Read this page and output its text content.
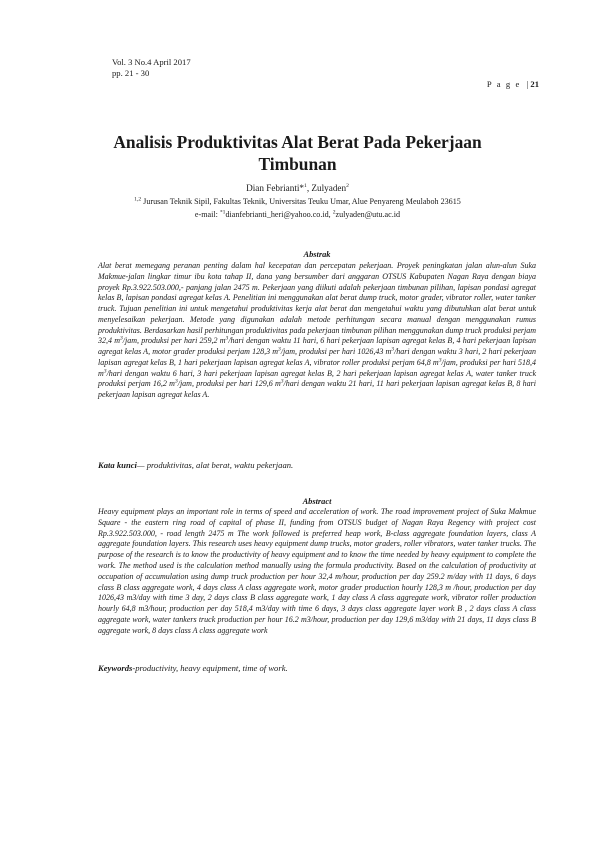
Vol. 3 No.4 April 2017
pp. 21 - 30
P a g e | 21
Analisis Produktivitas Alat Berat Pada Pekerjaan
Timbunan
Dian Febrianti*$^1$, Zulyaden$^2$
$^{1,2}$ Jurusan Teknik Sipil, Fakultas Teknik, Universitas Teuku Umar, Alue Penyareng Meulaboh 23615
e-mail: $^{*1}$dianfebrianti_heri@yahoo.co.id, $^2$zulyaden@utu.ac.id
Abstrak

Alat berat memegang peranan penting dalam hal kecepatan dan percepatan pekerjaan. Proyek peningkatan jalan alun-alun Suka Makmue-jalan lingkar timur ibu kota tahap II, dana yang bersumber dari anggaran OTSUS Kabupaten Nagan Raya dengan biaya proyek Rp.3.922.503.000,- panjang jalan 2475 m. Pekerjaan yang diikuti adalah pekerjaan timbunan pilihan, lapisan pondasi agregat kelas B, lapisan pondasi agregat kelas A. Penelitian ini menggunakan alat berat dump truck, motor grader, vibrator roller, water tanker truck. Tujuan penelitian ini untuk mengetahui produktivitas kerja alat berat dan mengetahui waktu yang dibutuhkan alat berat untuk menyelesaikan pekerjaan. Metode yang digunakan adalah metode perhitungan secara manual dengan menggunakan rumus produktivitas. Berdasarkan hasil perhitungan produktivitas pada pekerjaan timbunan pilihan menggunakan dump truck produksi perjam 32,4 $m^3$/jam, produksi per hari 259,2 $m^3$/hari dengan waktu 11 hari, 6 hari pekerjaan lapisan agregat kelas B, 4 hari pekerjaan lapisan agregat kelas A, motor grader produksi perjam 128,3 $m^3$/jam, produksi per hari 1026,43 $m^3$/hari dengan waktu 3 hari, 2 hari pekerjaan lapisan agregat kelas B, 1 hari pekerjaan lapisan agregat kelas A, vibrator roller produksi perjam 64,8 $m^3$/jam, produksi per hari 518,4 $m^3$/hari dengan waktu 6 hari, 3 hari pekerjaan lapisan agregat kelas B, 2 hari pekerjaan lapisan agregat kelas A, water tanker truck produksi perjam 16,2 $m^3$/jam, produksi per hari 129,6 $m^3$/hari dengan waktu 21 hari, 11 hari pekerjaan lapisan agregat kelas B, 8 hari pekerjaan lapisan agregat kelas A.

Kata kunci— produktivitas, alat berat, waktu pekerjaan.
Abstract

Heavy equipment plays an important role in terms of speed and acceleration of work. The road improvement project of Suka Makmue Square - the eastern ring road of capital of phase II, funding from OTSUS budget of Nagan Raya Regency with project cost Rp.3.922.503.000, - road length 2475 m The work followed is preferred heap work, B-class aggregate foundation layers, class A aggregate foundation layers. This research uses heavy equipment dump trucks, motor graders, roller vibrators, water tanker trucks. The purpose of the research is to know the productivity of heavy equipment and to know the time needed by heavy equipment to complete the work. The method used is the calculation method manually using the formula productivity. Based on the calculation of productivity at occupation of accumulation using dump truck production per hour 32,4 m/hour, production per day 259.2 m/day with 11 days, 6 days class B class aggregate work, 4 days class A class aggregate work, motor grader production hourly 128,3 m /hour, production per day 1026,43 m3/day with time 3 day, 2 days class B class aggregate work, 1 day class A class aggregate work, vibrator roller production hourly 64,8 m3/hour, production per day 518,4 m3/day with time 6 days, 3 days class aggregate layer work B , 2 days class A class aggregate work, water tankers truck production per hour 16.2 m3/hour, production per day 129,6 m3/day with 21 days, 11 days class B aggregate work, 8 days class A class aggregate work

Keywords-productivity, heavy equipment, time of work.
